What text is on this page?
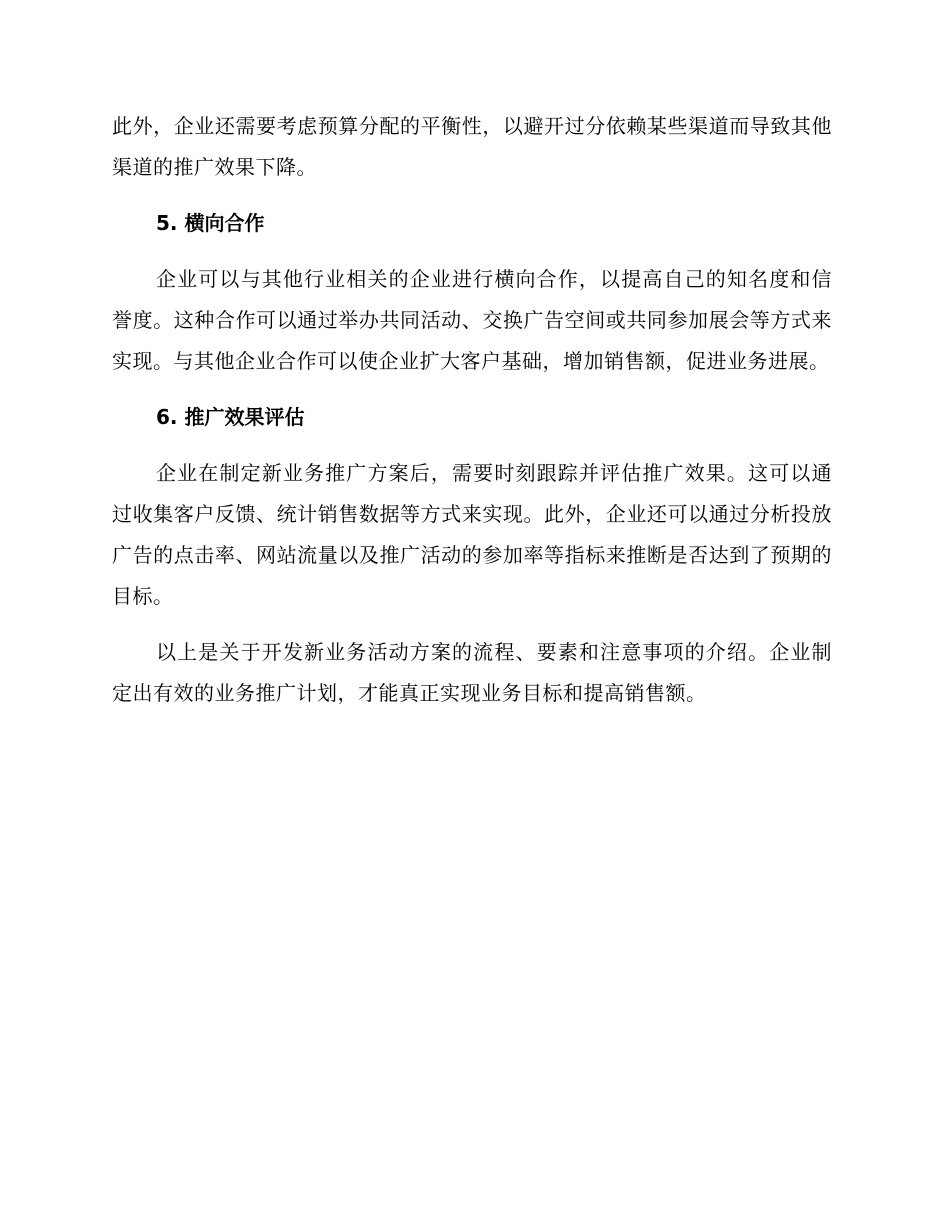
此外，企业还需要考虑预算分配的平衡性，以避开过分依赖某些渠道而导致其他渠道的推广效果下降。

5. 横向合作

企业可以与其他行业相关的企业进行横向合作，以提高自己的知名度和信誉度。这种合作可以通过举办共同活动、交换广告空间或共同参加展会等方式来实现。与其他企业合作可以使企业扩大客户基础，增加销售额，促进业务进展。

6. 推广效果评估

企业在制定新业务推广方案后，需要时刻跟踪并评估推广效果。这可以通过收集客户反馈、统计销售数据等方式来实现。此外，企业还可以通过分析投放广告的点击率、网站流量以及推广活动的参加率等指标来推断是否达到了预期的目标。

以上是关于开发新业务活动方案的流程、要素和注意事项的介绍。企业制定出有效的业务推广计划，才能真正实现业务目标和提高销售额。
